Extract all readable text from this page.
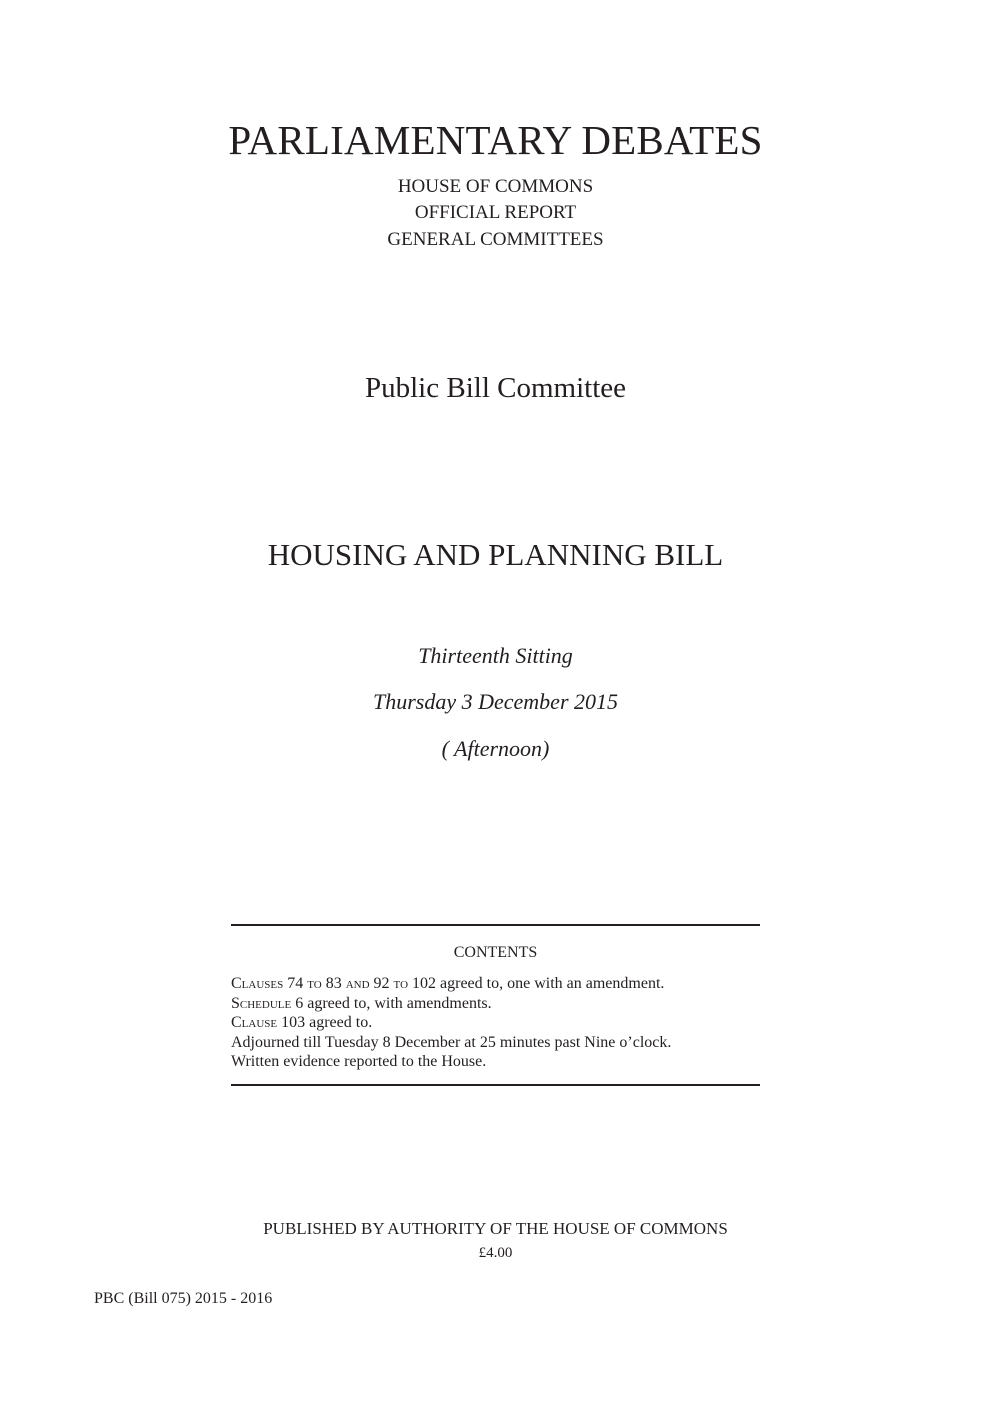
PARLIAMENTARY DEBATES
HOUSE OF COMMONS
OFFICIAL REPORT
GENERAL COMMITTEES
Public Bill Committee
HOUSING AND PLANNING BILL
Thirteenth Sitting
Thursday 3 December 2015
( Afternoon)
CONTENTS
Clauses 74 to 83 and 92 to 102 agreed to, one with an amendment.
Schedule 6 agreed to, with amendments.
Clause 103 agreed to.
Adjourned till Tuesday 8 December at 25 minutes past Nine o’clock.
Written evidence reported to the House.
PUBLISHED BY AUTHORITY OF THE HOUSE OF COMMONS
£4.00
PBC (Bill 075) 2015 - 2016
